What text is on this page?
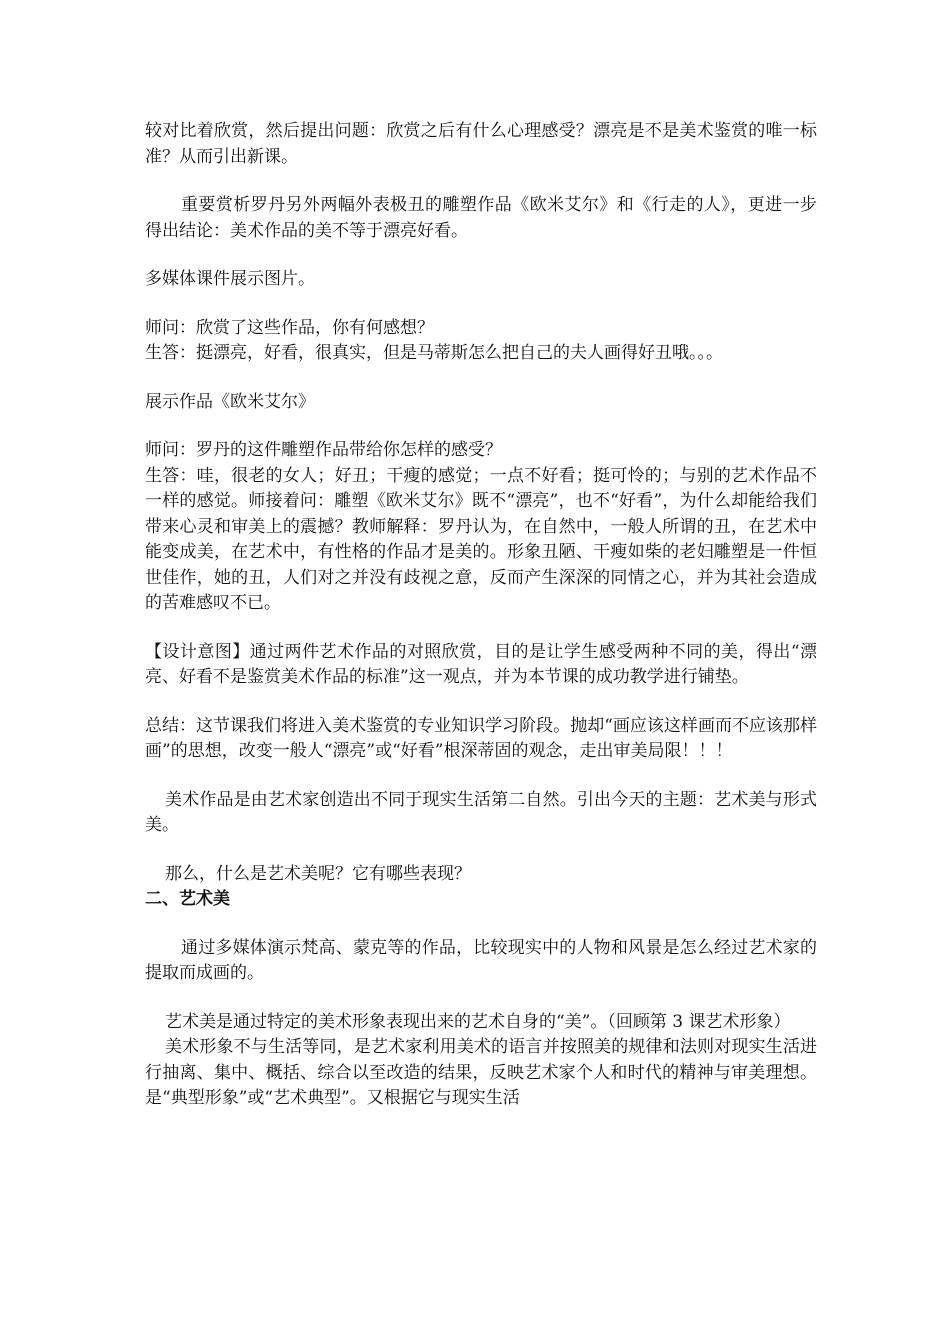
较对比着欣赏，然后提出问题：欣赏之后有什么心理感受？漂亮是不是美术鉴赏的唯一标准？从而引出新课。

重要赏析罗丹另外两幅外表极丑的雕塑作品《欧米艾尔》和《行走的人》，更进一步得出结论：美术作品的美不等于漂亮好看。

多媒体课件展示图片。

师问：欣赏了这些作品，你有何感想？

生答：挺漂亮，好看，很真实，但是马蒂斯怎么把自己的夫人画得好丑哦。。。

展示作品《欧米艾尔》

师问：罗丹的这件雕塑作品带给你怎样的感受？

生答：哇，很老的女人；好丑；干瘦的感觉；一点不好看；挺可怜的；与别的艺术作品不一样的感觉。师接着问：雕塑《欧米艾尔》既不“漂亮”，也不“好看”，为什么却能给我们带来心灵和审美上的震撼？教师解释：罗丹认为，在自然中，一般人所谓的丑，在艺术中能变成美，在艺术中，有性格的作品才是美的。形象丑陋、干瘦如柴的老妇雕塑是一件恒世佳作，她的丑，人们对之并没有歧视之意，反而产生深深的同情之心，并为其社会造成的苦难感叹不已。

【设计意图】通过两件艺术作品的对照欣赏，目的是让学生感受两种不同的美，得出“漂亮、好看不是鉴赏美术作品的标准”这一观点，并为本节课的成功教学进行铺垫。

总结：这节课我们将进入美术鉴赏的专业知识学习阶段。抛却“画应该这样画而不应该那样画”的思想，改变一般人“漂亮”或“好看”根深蒂固的观念，走出审美局限！！！

美术作品是由艺术家创造出不同于现实生活第二自然。引出今天的主题：艺术美与形式美。

那么，什么是艺术美呢？它有哪些表现？

二、艺术美

通过多媒体演示梵高、蒙克等的作品，比较现实中的人物和风景是怎么经过艺术家的提取而成画的。

艺术美是通过特定的美术形象表现出来的艺术自身的“美”。（回顾第 3 课艺术形象）

美术形象不与生活等同，是艺术家利用美术的语言并按照美的规律和法则对现实生活进行抽离、集中、概括、综合以至改造的结果，反映艺术家个人和时代的精神与审美理想。是“典型形象”或“艺术典型”。又根据它与现实生活
